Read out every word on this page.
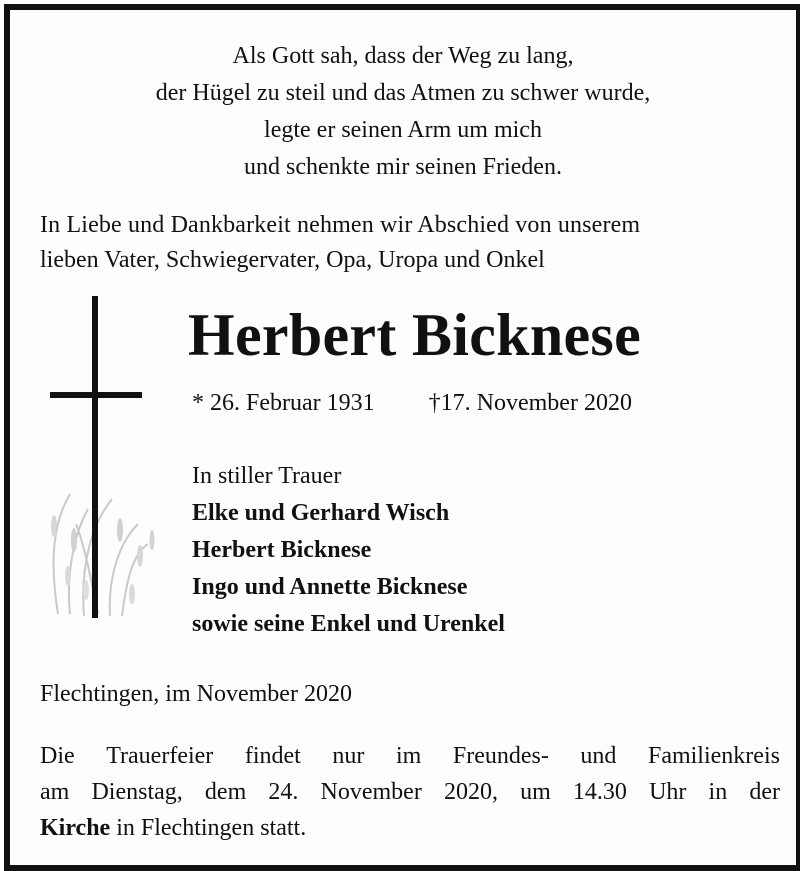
Als Gott sah, dass der Weg zu lang,
der Hügel zu steil und das Atmen zu schwer wurde,
legte er seinen Arm um mich
und schenkte mir seinen Frieden.
In Liebe und Dankbarkeit nehmen wir Abschied von unserem
lieben Vater, Schwiegervater, Opa, Uropa und Onkel
Herbert Bicknese
* 26. Februar 1931 †17. November 2020
In stiller Trauer
Elke und Gerhard Wisch
Herbert Bicknese
Ingo und Annette Bicknese
sowie seine Enkel und Urenkel
Flechtingen, im November 2020
Die Trauerfeier findet nur im Freundes- und Familienkreis
am Dienstag, dem 24. November 2020, um 14.30 Uhr in der
Kirche in Flechtingen statt.
